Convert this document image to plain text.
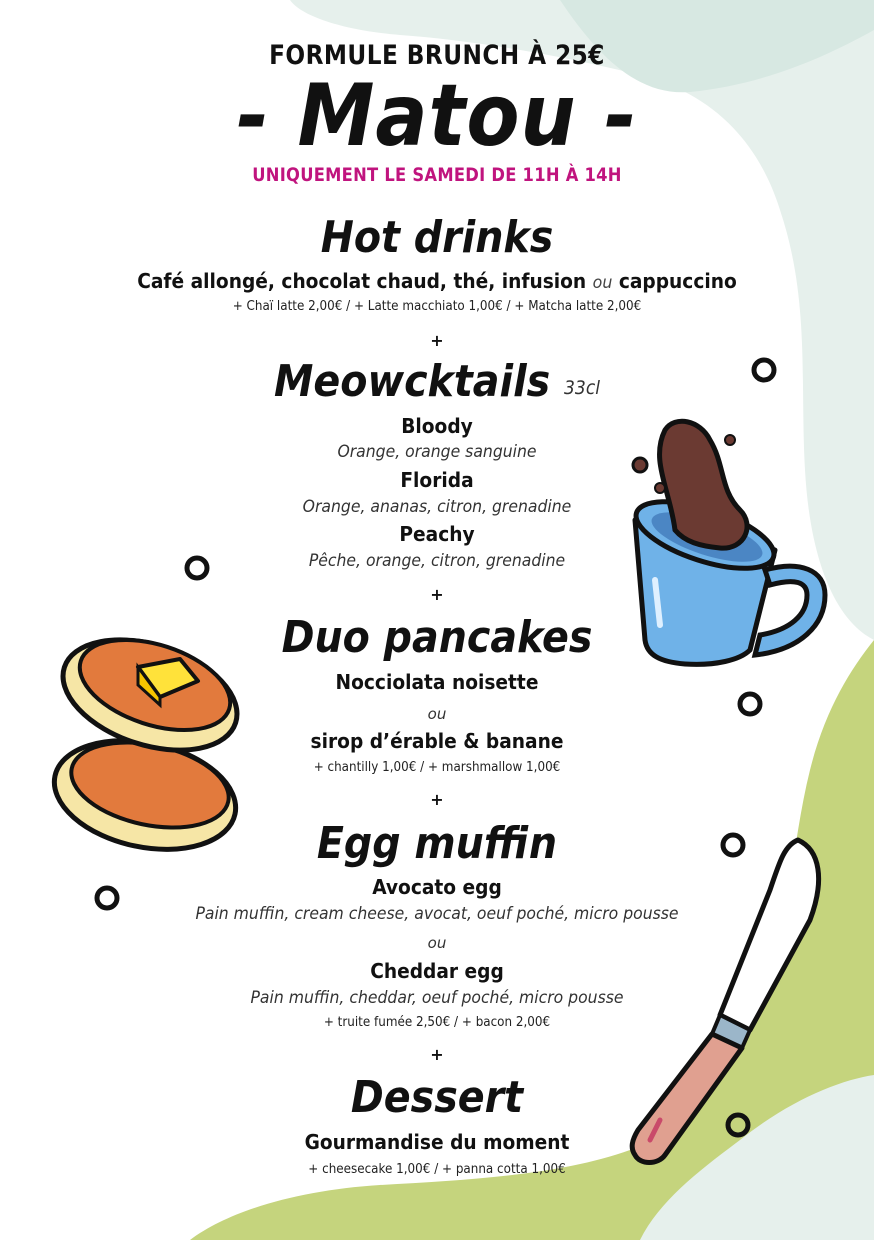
FORMULE BRUNCH À 25€
- Matou -
UNIQUEMENT LE SAMEDI DE 11H À 14H
Hot drinks
Café allongé, chocolat chaud, thé, infusion ou cappuccino
+ Chaï latte 2,00€ / + Latte macchiato 1,00€ / + Matcha latte 2,00€
+
Meowcktails 33cl
Bloody
Orange, orange sanguine
Florida
Orange, ananas, citron, grenadine
Peachy
Pêche, orange, citron, grenadine
+
Duo pancakes
Nocciolata noisette
ou
sirop d’érable & banane
+ chantilly 1,00€ / + marshmallow 1,00€
+
Egg muffin
Avocato egg
Pain muffin, cream cheese, avocat, oeuf poché, micro pousse
ou
Cheddar egg
Pain muffin, cheddar, oeuf poché, micro pousse
+ truite fumée 2,50€ / + bacon 2,00€
+
Dessert
Gourmandise du moment
+ cheesecake 1,00€ / + panna cotta 1,00€
